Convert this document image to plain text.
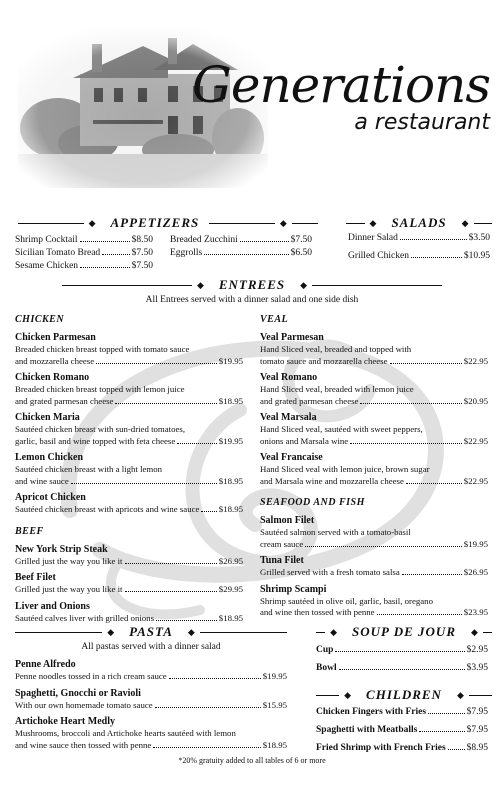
Generations
a restaurant
◆	APPETIZERS	◆
Shrimp Cocktail	$8.50
Sicilian Tomato Bread	$7.50
Sesame Chicken	$7.50
Breaded Zucchini	$7.50
Eggrolls	$6.50
◆	SALADS	◆
Dinner Salad	$3.50
Grilled Chicken	$10.95
◆	ENTREES	◆
All Entrees served with a dinner salad and one side dish
CHICKEN
Chicken Parmesan
Breaded chicken breast topped with tomato sauce
and mozzarella cheese	$19.95
Chicken Romano
Breaded chicken breast topped with lemon juice
and grated parmesan cheese	$18.95
Chicken Maria
Sautéed chicken breast with sun-dried tomatoes,
garlic, basil and wine topped with feta cheese	$19.95
Lemon Chicken
Sautéed chicken breast with a light lemon
and wine sauce	$18.95
Apricot Chicken
Sautéed chicken breast with apricots and wine sauce $18.95
BEEF
New York Strip Steak
Grilled just the way you like it	$26.95
Beef Filet
Grilled just the way you like it	$29.95
Liver and Onions
Sautéed calves liver with grilled onions	$18.95
VEAL
Veal Parmesan
Hand Sliced veal, breaded and topped with
tomato sauce and mozzarella cheese	$22.95
Veal Romano
Hand Sliced veal, breaded with lemon juice
and grated parmesan cheese	$20.95
Veal Marsala
Hand Sliced veal, sautéed with sweet peppers,
onions and Marsala wine	$22.95
Veal Francaise
Hand Sliced veal with lemon juice, brown sugar
and Marsala wine and mozzarella cheese	$22.95
SEAFOOD AND FISH
Salmon Filet
Sautéed salmon served with a tomato-basil
cream sauce	$19.95
Tuna Filet
Grilled served with a fresh tomato salsa	$26.95
Shrimp Scampi
Shrimp sautéed in olive oil, garlic, basil, oregano
and wine then tossed with penne	$23.95
◆	PASTA	◆
All pastas served with a dinner salad
Penne Alfredo
Penne noodles tossed in a rich cream sauce	$19.95
Spaghetti, Gnocchi or Ravioli
With our own homemade tomato sauce	$15.95
Artichoke Heart Medly
Mushrooms, broccoli and Artichoke hearts sautéed with lemon
and wine sauce then tossed with penne	$18.95
◆	SOUP DE JOUR	◆
Cup	$2.95
Bowl	$3.95
◆	CHILDREN	◆
Chicken Fingers with Fries	$7.95
Spaghetti with Meatballs	$7.95
Fried Shrimp with French Fries $8.95
*20% gratuity added to all tables of 6 or more
